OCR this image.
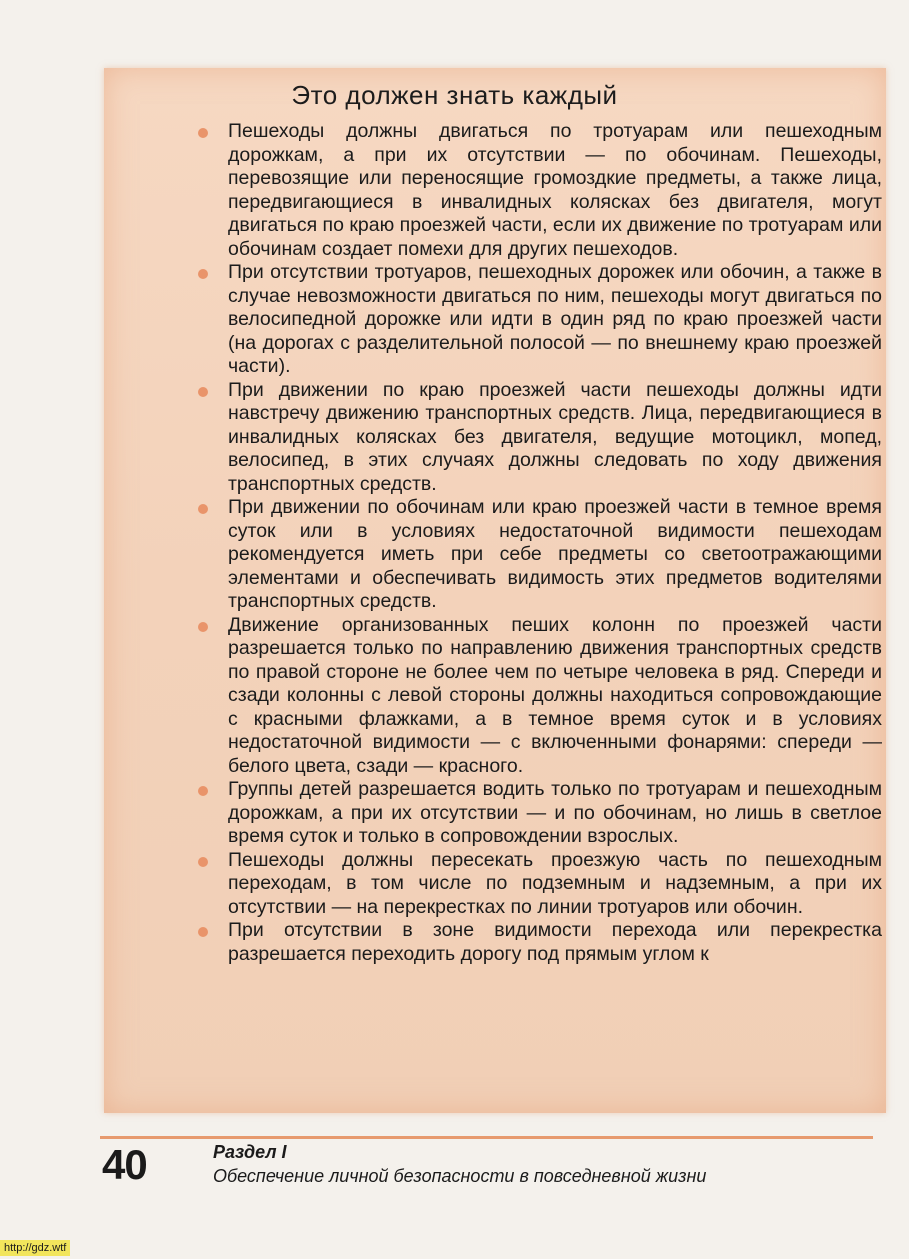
Это должен знать каждый
Пешеходы должны двигаться по тротуарам или пешеходным дорожкам, а при их отсутствии — по обочинам. Пешеходы, перевозящие или переносящие громоздкие предметы, а также лица, передвигающиеся в инвалидных колясках без двигателя, могут двигаться по краю проезжей части, если их движение по тротуарам или обочинам создает помехи для других пешеходов.
При отсутствии тротуаров, пешеходных дорожек или обочин, а также в случае невозможности двигаться по ним, пешеходы могут двигаться по велосипедной дорожке или идти в один ряд по краю проезжей части (на дорогах с разделительной полосой — по внешнему краю проезжей части).
При движении по краю проезжей части пешеходы должны идти навстречу движению транспортных средств. Лица, передвигающиеся в инвалидных колясках без двигателя, ведущие мотоцикл, мопед, велосипед, в этих случаях должны следовать по ходу движения транспортных средств.
При движении по обочинам или краю проезжей части в темное время суток или в условиях недостаточной видимости пешеходам рекомендуется иметь при себе предметы со светоотражающими элементами и обеспечивать видимость этих предметов водителями транспортных средств.
Движение организованных пеших колонн по проезжей части разрешается только по направлению движения транспортных средств по правой стороне не более чем по четыре человека в ряд. Спереди и сзади колонны с левой стороны должны находиться сопровождающие с красными флажками, а в темное время суток и в условиях недостаточной видимости — с включенными фонарями: спереди — белого цвета, сзади — красного.
Группы детей разрешается водить только по тротуарам и пешеходным дорожкам, а при их отсутствии — и по обочинам, но лишь в светлое время суток и только в сопровождении взрослых.
Пешеходы должны пересекать проезжую часть по пешеходным переходам, в том числе по подземным и надземным, а при их отсутствии — на перекрестках по линии тротуаров или обочин.
При отсутствии в зоне видимости перехода или перекрестка разрешается переходить дорогу под прямым углом к
40	Раздел I
Обеспечение личной безопасности в повседневной жизни
http://gdz.wtf
